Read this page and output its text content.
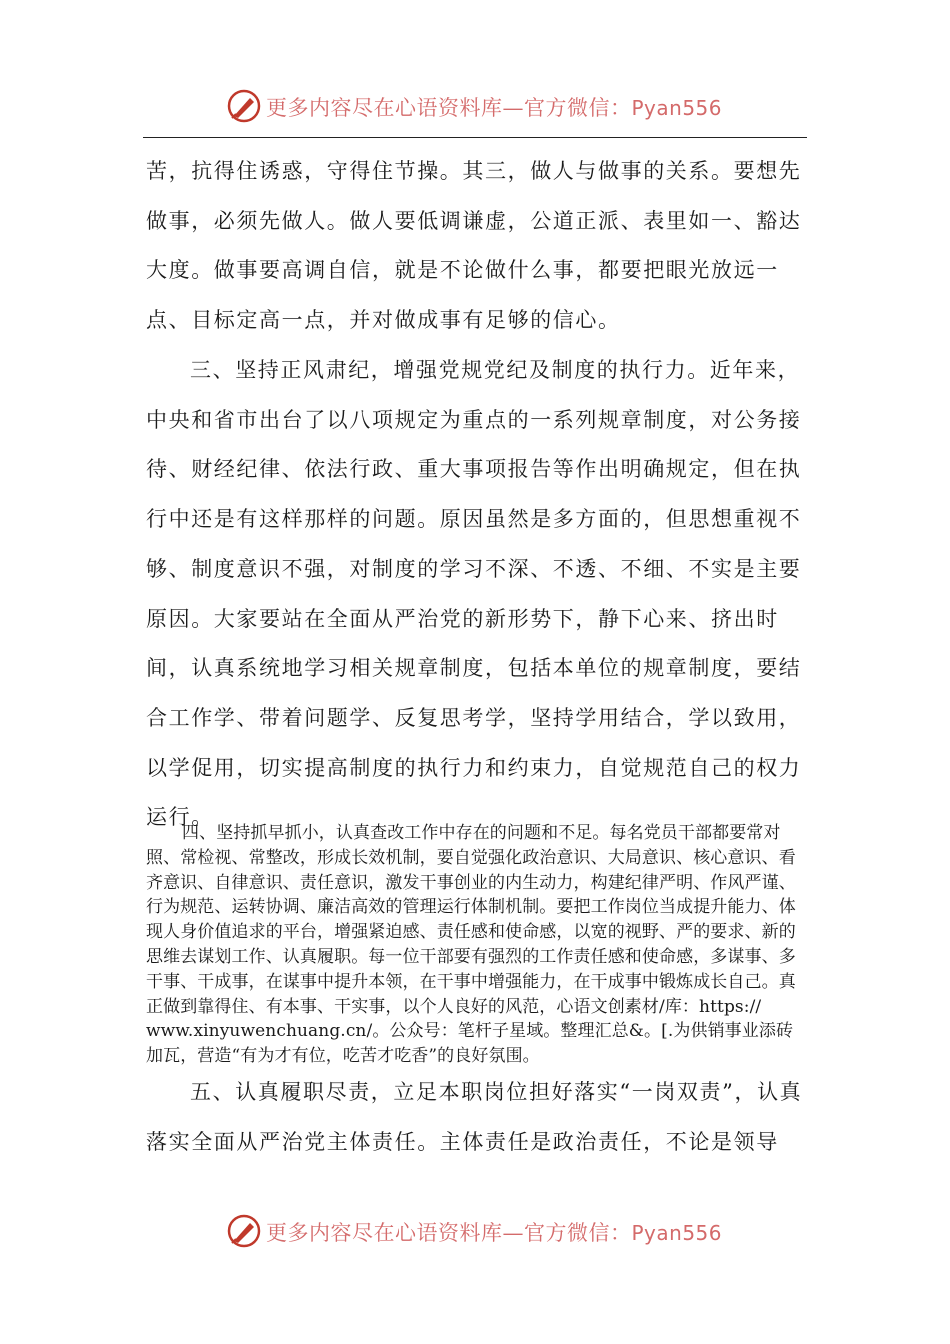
更多内容尽在心语资料库—官方微信：Pyan556
苦，抗得住诱惑，守得住节操。其三，做人与做事的关系。要想先做事，必须先做人。做人要低调谦虚，公道正派、表里如一、豁达大度。做事要高调自信，就是不论做什么事，都要把眼光放远一点、目标定高一点，并对做成事有足够的信心。
三、坚持正风肃纪，增强党规党纪及制度的执行力。近年来，中央和省市出台了以八项规定为重点的一系列规章制度，对公务接待、财经纪律、依法行政、重大事项报告等作出明确规定，但在执行中还是有这样那样的问题。原因虽然是多方面的，但思想重视不够、制度意识不强，对制度的学习不深、不透、不细、不实是主要原因。大家要站在全面从严治党的新形势下，静下心来、挤出时间，认真系统地学习相关规章制度，包括本单位的规章制度，要结合工作学、带着问题学、反复思考学，坚持学用结合，学以致用，以学促用，切实提高制度的执行力和约束力，自觉规范自己的权力运行。
四、坚持抓早抓小，认真查改工作中存在的问题和不足。每名党员干部都要常对照、常检视、常整改，形成长效机制，要自觉强化政治意识、大局意识、核心意识、看齐意识、自律意识、责任意识，激发干事创业的内生动力，构建纪律严明、作风严谨、行为规范、运转协调、廉洁高效的管理运行体制机制。要把工作岗位当成提升能力、体现人身价值追求的平台，增强紧迫感、责任感和使命感，以宽的视野、严的要求、新的思维去谋划工作、认真履职。每一位干部要有强烈的工作责任感和使命感，多谋事、多干事、干成事，在谋事中提升本领，在干事中增强能力，在干成事中锻炼成长自己。真正做到靠得住、有本事、干实事，以个人良好的风范，心语文创素材/库：https:// www.xinyuwenchuang.cn/。公众号：笔杆子星域。整理汇总&。[.为供销事业添砖加瓦，营造“有为才有位，吃苦才吃香”的良好氛围。
五、认真履职尽责，立足本职岗位担好落实“一岗双责”，认真落实全面从严治党主体责任。主体责任是政治责任，不论是领导
更多内容尽在心语资料库—官方微信：Pyan556
